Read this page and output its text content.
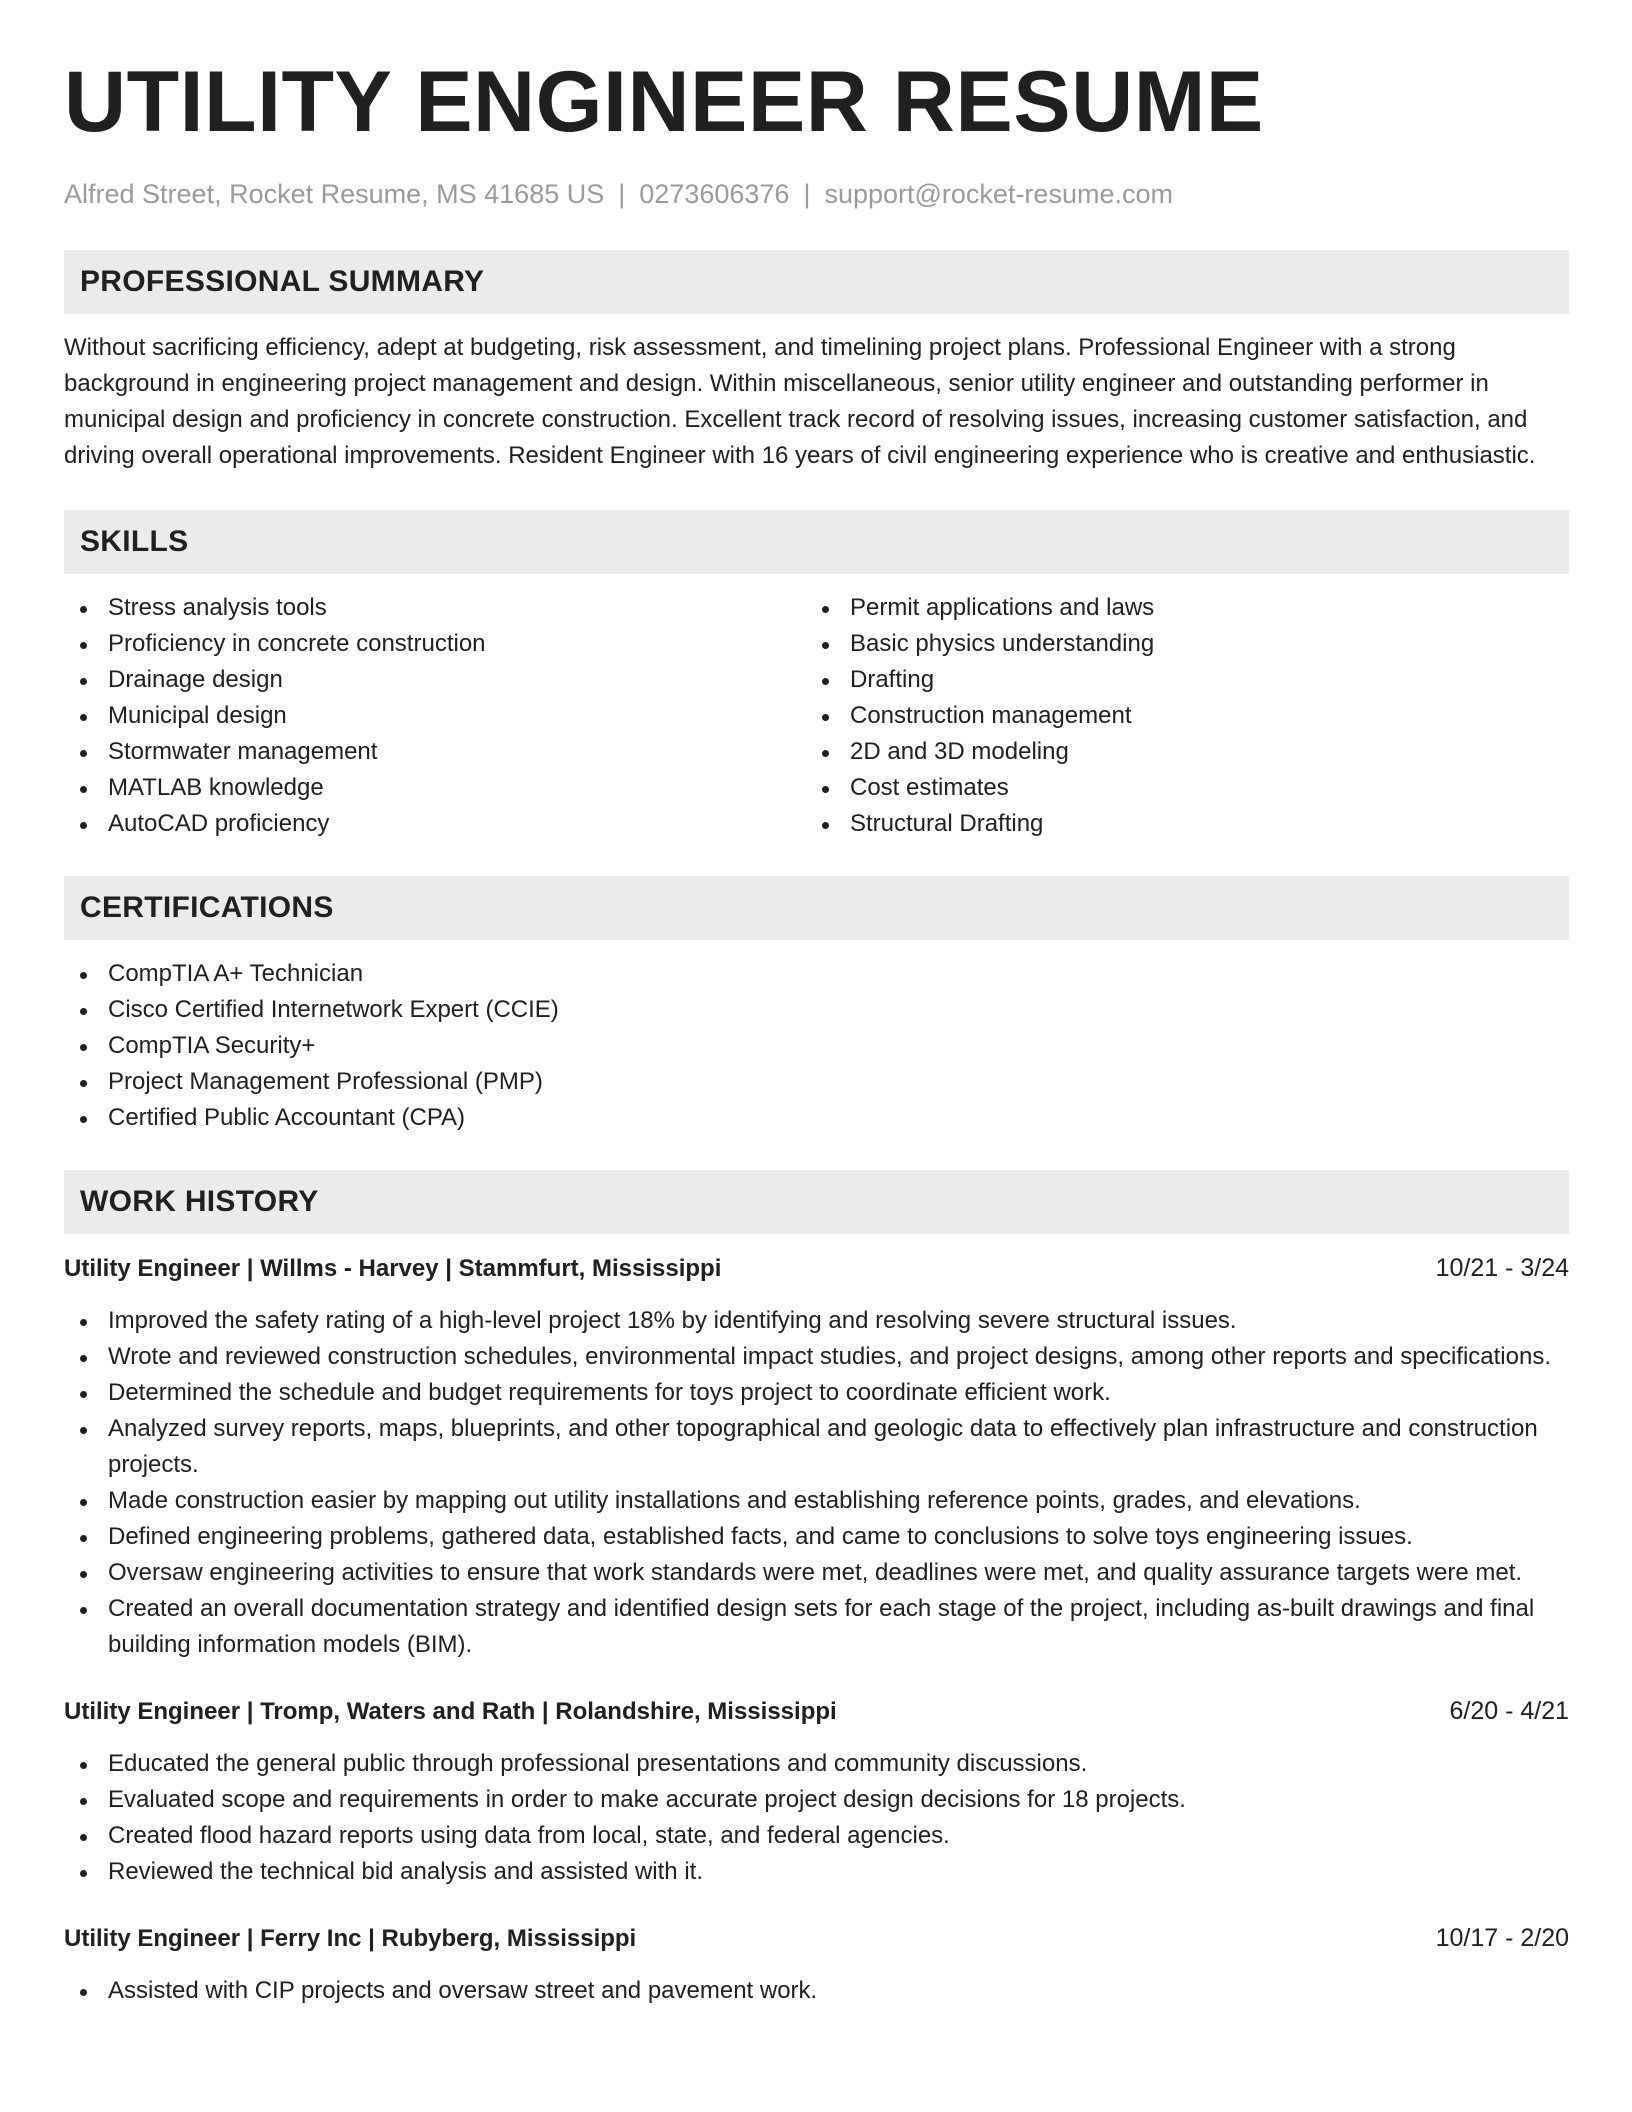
UTILITY ENGINEER RESUME
Alfred Street, Rocket Resume, MS 41685 US | 0273606376 | support@rocket-resume.com
PROFESSIONAL SUMMARY

Without sacrificing efficiency, adept at budgeting, risk assessment, and timelining project plans. Professional Engineer with a strong background in engineering project management and design. Within miscellaneous, senior utility engineer and outstanding performer in municipal design and proficiency in concrete construction. Excellent track record of resolving issues, increasing customer satisfaction, and driving overall operational improvements. Resident Engineer with 16 years of civil engineering experience who is creative and enthusiastic.

SKILLS
Stress analysis tools
Proficiency in concrete construction
Drainage design
Municipal design
Stormwater management
MATLAB knowledge
AutoCAD proficiency
Permit applications and laws
Basic physics understanding
Drafting
Construction management
2D and 3D modeling
Cost estimates
Structural Drafting
CERTIFICATIONS
CompTIA A+ Technician
Cisco Certified Internetwork Expert (CCIE)
CompTIA Security+
Project Management Professional (PMP)
Certified Public Accountant (CPA)
WORK HISTORY
Utility Engineer | Willms - Harvey | Stammfurt, Mississippi	10/21 - 3/24
Improved the safety rating of a high-level project 18% by identifying and resolving severe structural issues.
Wrote and reviewed construction schedules, environmental impact studies, and project designs, among other reports and specifications.
Determined the schedule and budget requirements for toys project to coordinate efficient work.
Analyzed survey reports, maps, blueprints, and other topographical and geologic data to effectively plan infrastructure and construction projects.
Made construction easier by mapping out utility installations and establishing reference points, grades, and elevations.
Defined engineering problems, gathered data, established facts, and came to conclusions to solve toys engineering issues.
Oversaw engineering activities to ensure that work standards were met, deadlines were met, and quality assurance targets were met.
Created an overall documentation strategy and identified design sets for each stage of the project, including as-built drawings and final building information models (BIM).
Utility Engineer | Tromp, Waters and Rath | Rolandshire, Mississippi	6/20 - 4/21
Educated the general public through professional presentations and community discussions.
Evaluated scope and requirements in order to make accurate project design decisions for 18 projects.
Created flood hazard reports using data from local, state, and federal agencies.
Reviewed the technical bid analysis and assisted with it.
Utility Engineer | Ferry Inc | Rubyberg, Mississippi	10/17 - 2/20
Assisted with CIP projects and oversaw street and pavement work.
